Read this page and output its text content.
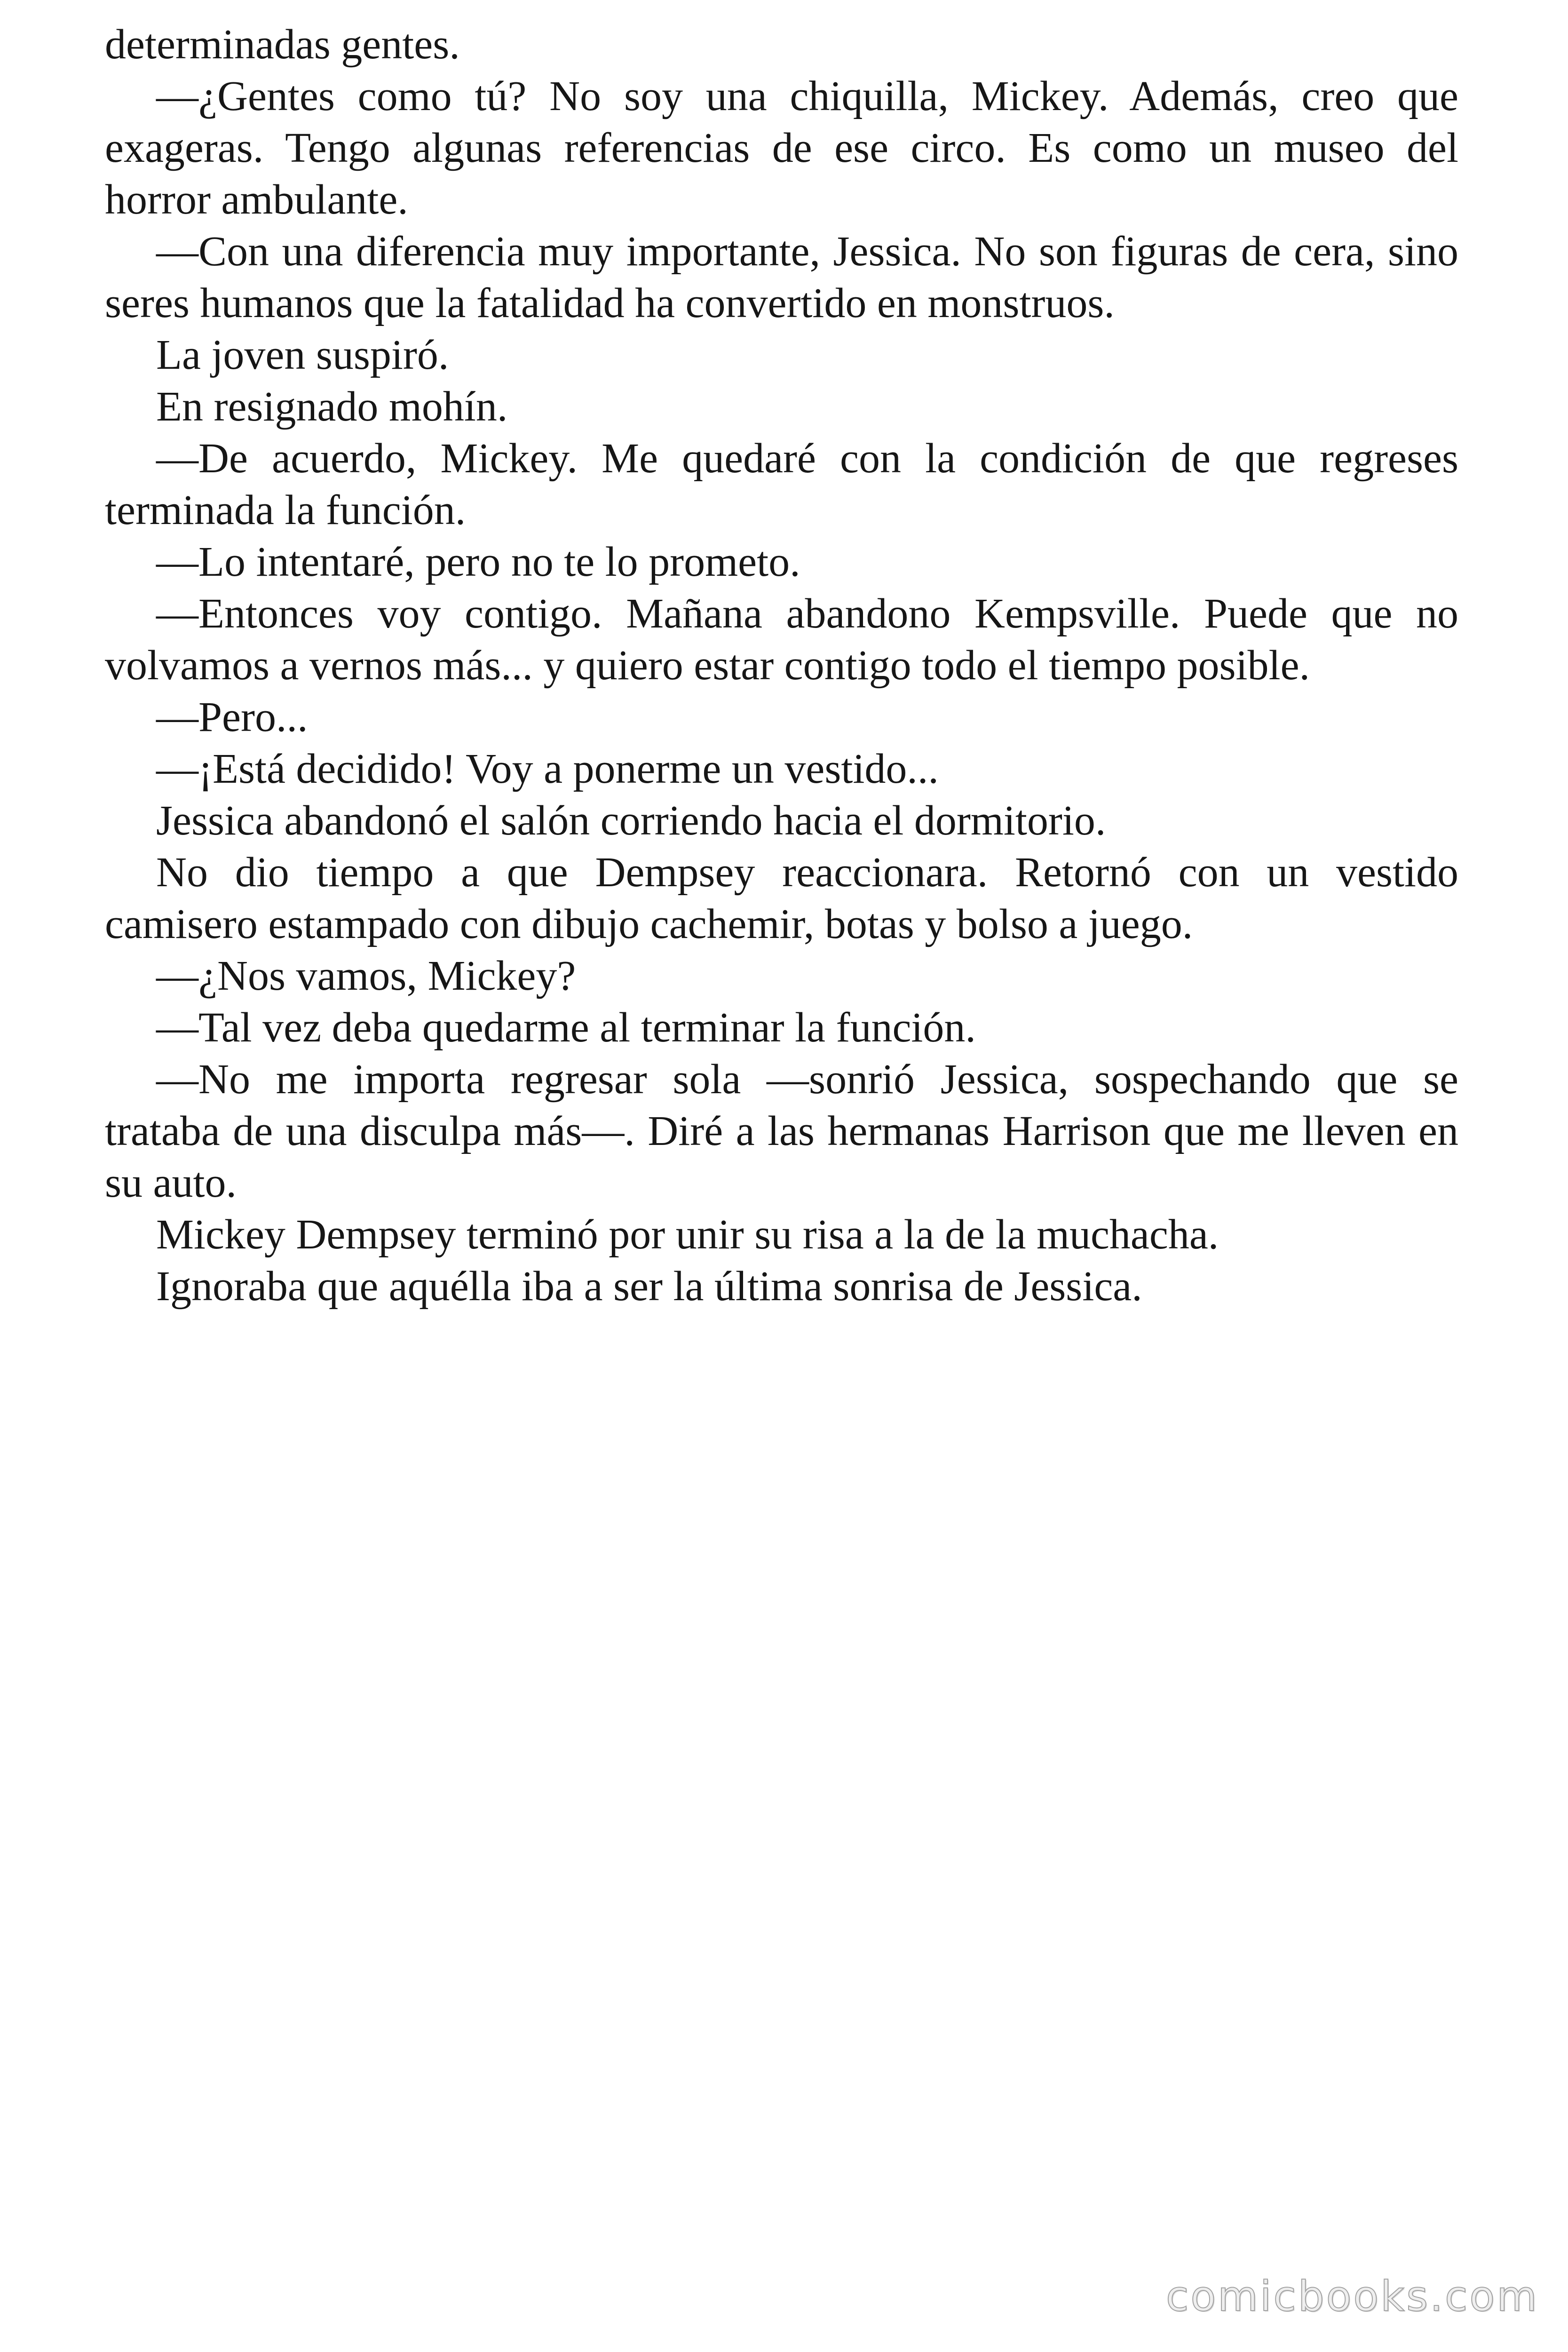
determinadas gentes.
—¿Gentes como tú? No soy una chiquilla, Mickey. Además, creo que
exageras. Tengo algunas referencias de ese circo. Es como un museo del
horror ambulante.
—Con una diferencia muy importante, Jessica. No son figuras de cera, sino
seres humanos que la fatalidad ha convertido en monstruos.
La joven suspiró.
En resignado mohín.
—De acuerdo, Mickey. Me quedaré con la condición de que regreses
terminada la función.
—Lo intentaré, pero no te lo prometo.
—Entonces voy contigo. Mañana abandono Kempsville. Puede que no
volvamos a vernos más... y quiero estar contigo todo el tiempo posible.
—Pero...
—¡Está decidido! Voy a ponerme un vestido...
Jessica abandonó el salón corriendo hacia el dormitorio.
No dio tiempo a que Dempsey reaccionara. Retornó con un vestido
camisero estampado con dibujo cachemir, botas y bolso a juego.
—¿Nos vamos, Mickey?
—Tal vez deba quedarme al terminar la función.
—No me importa regresar sola —sonrió Jessica, sospechando que se
trataba de una disculpa más—. Diré a las hermanas Harrison que me lleven en
su auto.
Mickey Dempsey terminó por unir su risa a la de la muchacha.
Ignoraba que aquélla iba a ser la última sonrisa de Jessica.
comicbooks.com
